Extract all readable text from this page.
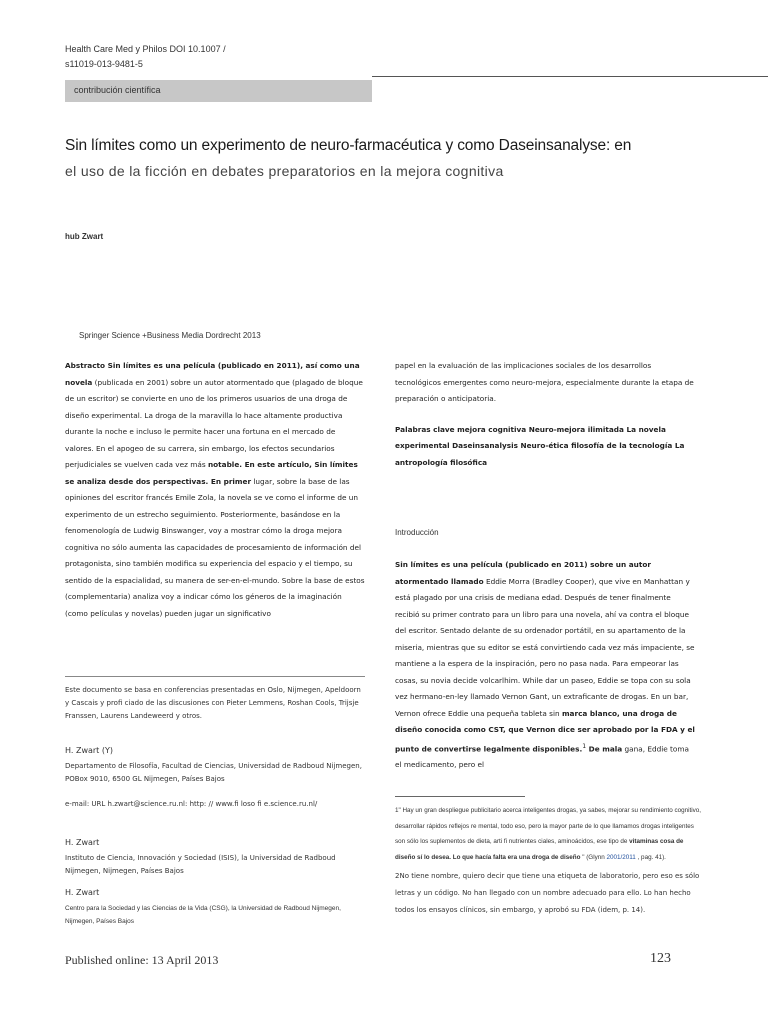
Health Care Med y Philos DOI 10.1007 /
s11019-013-9481-5
contribución científica
Sin límites como un experimento de neuro-farmacéutica y como Daseinsanalyse: en
el uso de la ficción en debates preparatorios en la mejora cognitiva
hub Zwart
Springer Science +Business Media Dordrecht 2013
Abstracto Sin límites es una película (publicado en 2011), así como una novela (publicada en 2001) sobre un autor atormentado que (plagado de bloque de un escritor) se convierte en uno de los primeros usuarios de una droga de diseño experimental. La droga de la maravilla lo hace altamente productiva durante la noche e incluso le permite hacer una fortuna en el mercado de valores. En el apogeo de su carrera, sin embargo, los efectos secundarios perjudiciales se vuelven cada vez más notable. En este artículo, Sin límites se analiza desde dos perspectivas. En primer lugar, sobre la base de las opiniones del escritor francés Emile Zola, la novela se ve como el informe de un experimento de un estrecho seguimiento. Posteriormente, basándose en la fenomenología de Ludwig Binswanger, voy a mostrar cómo la droga mejora cognitiva no sólo aumenta las capacidades de procesamiento de información del protagonista, sino también modifica su experiencia del espacio y el tiempo, su sentido de la espacialidad, su manera de ser-en-el-mundo. Sobre la base de estos (complementaria) analiza voy a indicar cómo los géneros de la imaginación (como películas y novelas) pueden jugar un significativo
papel en la evaluación de las implicaciones sociales de los desarrollos tecnológicos emergentes como neuro-mejora, especialmente durante la etapa de preparación o anticipatoria.
Palabras clave mejora cognitiva Neuro-mejora ilimitada La novela experimental Daseinsanalysis Neuro-ética filosofía de la tecnología La antropología filosófica
Introducción
Sin límites es una película (publicado en 2011) sobre un autor atormentado llamado Eddie Morra (Bradley Cooper), que vive en Manhattan y está plagado por una crisis de mediana edad. Después de tener finalmente recibió su primer contrato para un libro para una novela, ahí va contra el bloque del escritor. Sentado delante de su ordenador portátil, en su apartamento de la miseria, mientras que su editor se está convirtiendo cada vez más impaciente, se mantiene a la espera de la inspiración, pero no pasa nada. Para empeorar las cosas, su novia decide volcarlhim. While dar un paseo, Eddie se topa con su sola vez hermano-en-ley llamado Vernon Gant, un extraficante de drogas. En un bar, Vernon ofrece Eddie una pequeña tableta sin marca blanco, una droga de diseño conocida como CST, que Vernon dice ser aprobado por la FDA y el punto de convertirse legalmente disponibles.$^1$ De mala gana, Eddie toma el medicamento, pero el
Este documento se basa en conferencias presentadas en Oslo, Nijmegen, Apeldoorn y Cascais y profi ciado de las discusiones con Pieter Lemmens, Roshan Cools, Trijsje Franssen, Laurens Landeweerd y otros.
H. Zwart (Y)
Departamento de Filosofía, Facultad de Ciencias, Universidad de Radboud Nijmegen, POBox 9010, 6500 GL Nijmegen, Países Bajos
e-mail: URL h.zwart@science.ru.nl: http: // www.fi loso fi e.science.ru.nl/
H. Zwart
Instituto de Ciencia, Innovación y Sociedad (ISIS), la Universidad de Radboud Nijmegen, Nijmegen, Países Bajos
H. Zwart
Centro para la Sociedad y las Ciencias de la Vida (CSG), la Universidad de Radboud Nijmegen, Nijmegen, Países Bajos
1" Hay un gran despliegue publicitario acerca inteligentes drogas, ya sabes, mejorar su rendimiento cognitivo, desarrollar rápidos reflejos re mental, todo eso, pero la mayor parte de lo que llamamos drogas inteligentes son sólo los suplementos de dieta, arti fi nutrientes ciales, aminoácidos, ese tipo de vitaminas cosa de diseño sí lo desea. Lo que hacía falta era una droga de diseño " (Glynn 2001/2011 , pag. 41).
2No tiene nombre, quiero decir que tiene una etiqueta de laboratorio, pero eso es sólo letras y un código. No han llegado con un nombre adecuado para ello. Lo han hecho todos los ensayos clínicos, sin embargo, y aprobó su FDA (idem, p. 14).
Published online: 13 April 2013	123
